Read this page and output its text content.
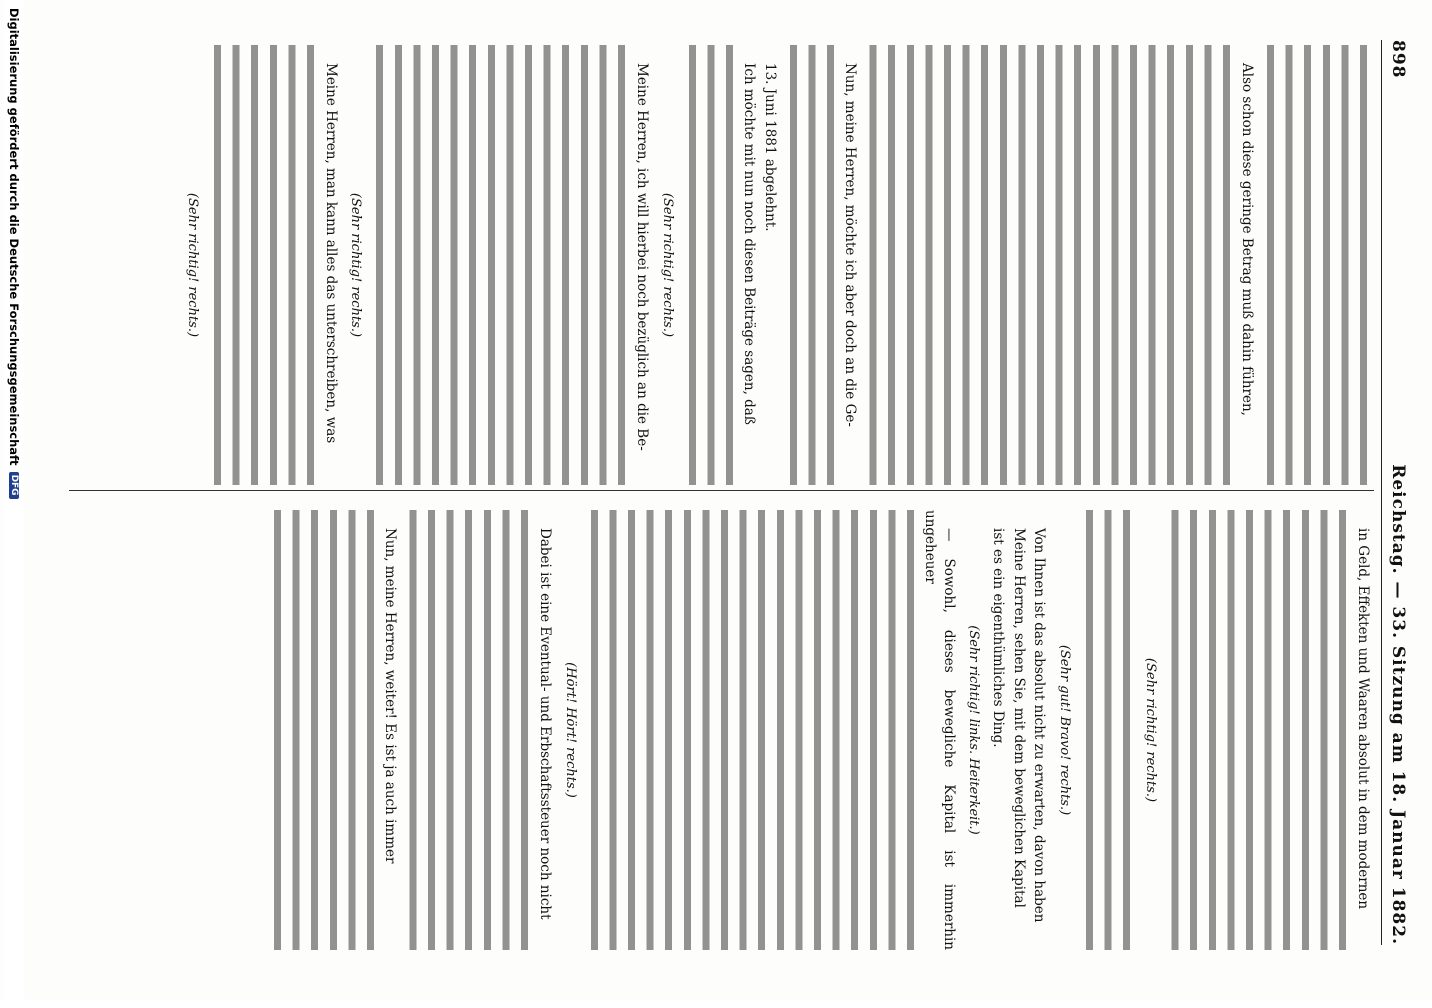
898
Reichstag. — 33. Sitzung am 18. Januar 1882.

Also schon diese geringe Betrag muß dahin führen,

Nun, meine Herren, möchte ich aber doch an die Ge-

13. Juni 1881 abgelehnt.

Ich möchte mit nun noch diesen Beiträge sagen, daß

(Sehr richtig! rechts.)

Meine Herren, ich will hierbei noch bezüglich an die Be-

(Sehr richtig! rechts.)

Meine Herren, man kann alles das unterschreiben, was

(Sehr richtig! rechts.)

in Geld, Effekten und Waaren absolut in dem modernen

(Sehr richtig! rechts.)
(Sehr gut! Bravo! rechts.)

Von Ihnen ist das absolut nicht zu erwarten, davon haben

Meine Herren, sehen Sie, mit dem beweglichen Kapital

ist es ein eigenthümliches Ding.

(Sehr richtig! links. Heiterkeit.)

— Sowohl, dieses bewegliche Kapital ist immerhin ungeheuer

(Hört! Hört! rechts.)

Dabei ist eine Eventual- und Erbschaftssteuer noch nicht

Nun, meine Herren, weiter! Es ist ja auch immer

Digitalisierung gefördert durch die Deutsche Forschungsgemeinschaft
DFG
